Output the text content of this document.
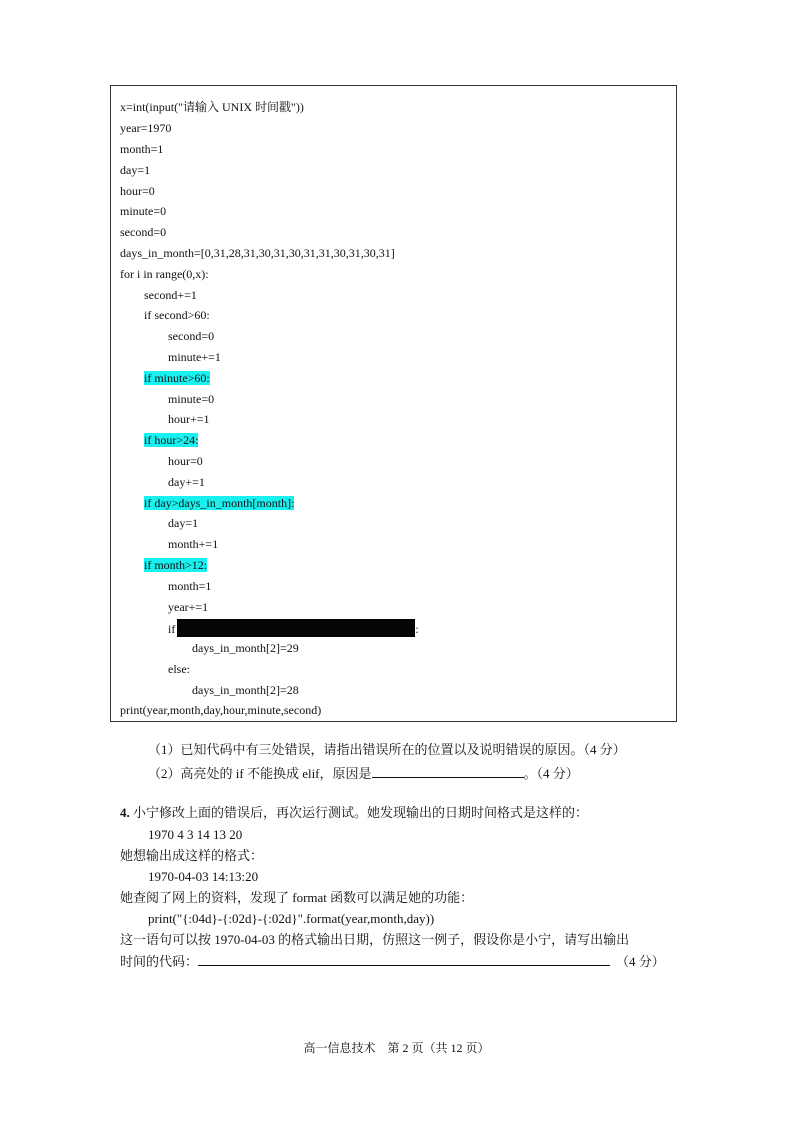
x=int(input("请输入 UNIX 时间戳"))
year=1970
month=1
day=1
hour=0
minute=0
second=0
days_in_month=[0,31,28,31,30,31,30,31,31,30,31,30,31]
for i in range(0,x):
second+=1
if second>60:
second=0
minute+=1
if minute>60:
minute=0
hour+=1
if hour>24:
hour=0
day+=1
if day>days_in_month[month]:
day=1
month+=1
if month>12:
month=1
year+=1
if	:
days_in_month[2]=29
else:
days_in_month[2]=28
print(year,month,day,hour,minute,second)
（1）已知代码中有三处错误，请指出错误所在的位置以及说明错误的原因。（4 分）
（2）高亮处的 if 不能换成 elif，原因是	。（4 分）
4. 小宁修改上面的错误后，再次运行测试。她发现输出的日期时间格式是这样的：
1970 4 3 14 13 20
她想输出成这样的格式：
1970-04-03 14:13:20
她查阅了网上的资料，发现了 format 函数可以满足她的功能：
print("{:04d}-{:02d}-{:02d}".format(year,month,day))
这一语句可以按 1970-04-03 的格式输出日期，仿照这一例子，假设你是小宁，请写出输出
时间的代码：	（4 分）
高一信息技术　第 2 页（共 12 页）
